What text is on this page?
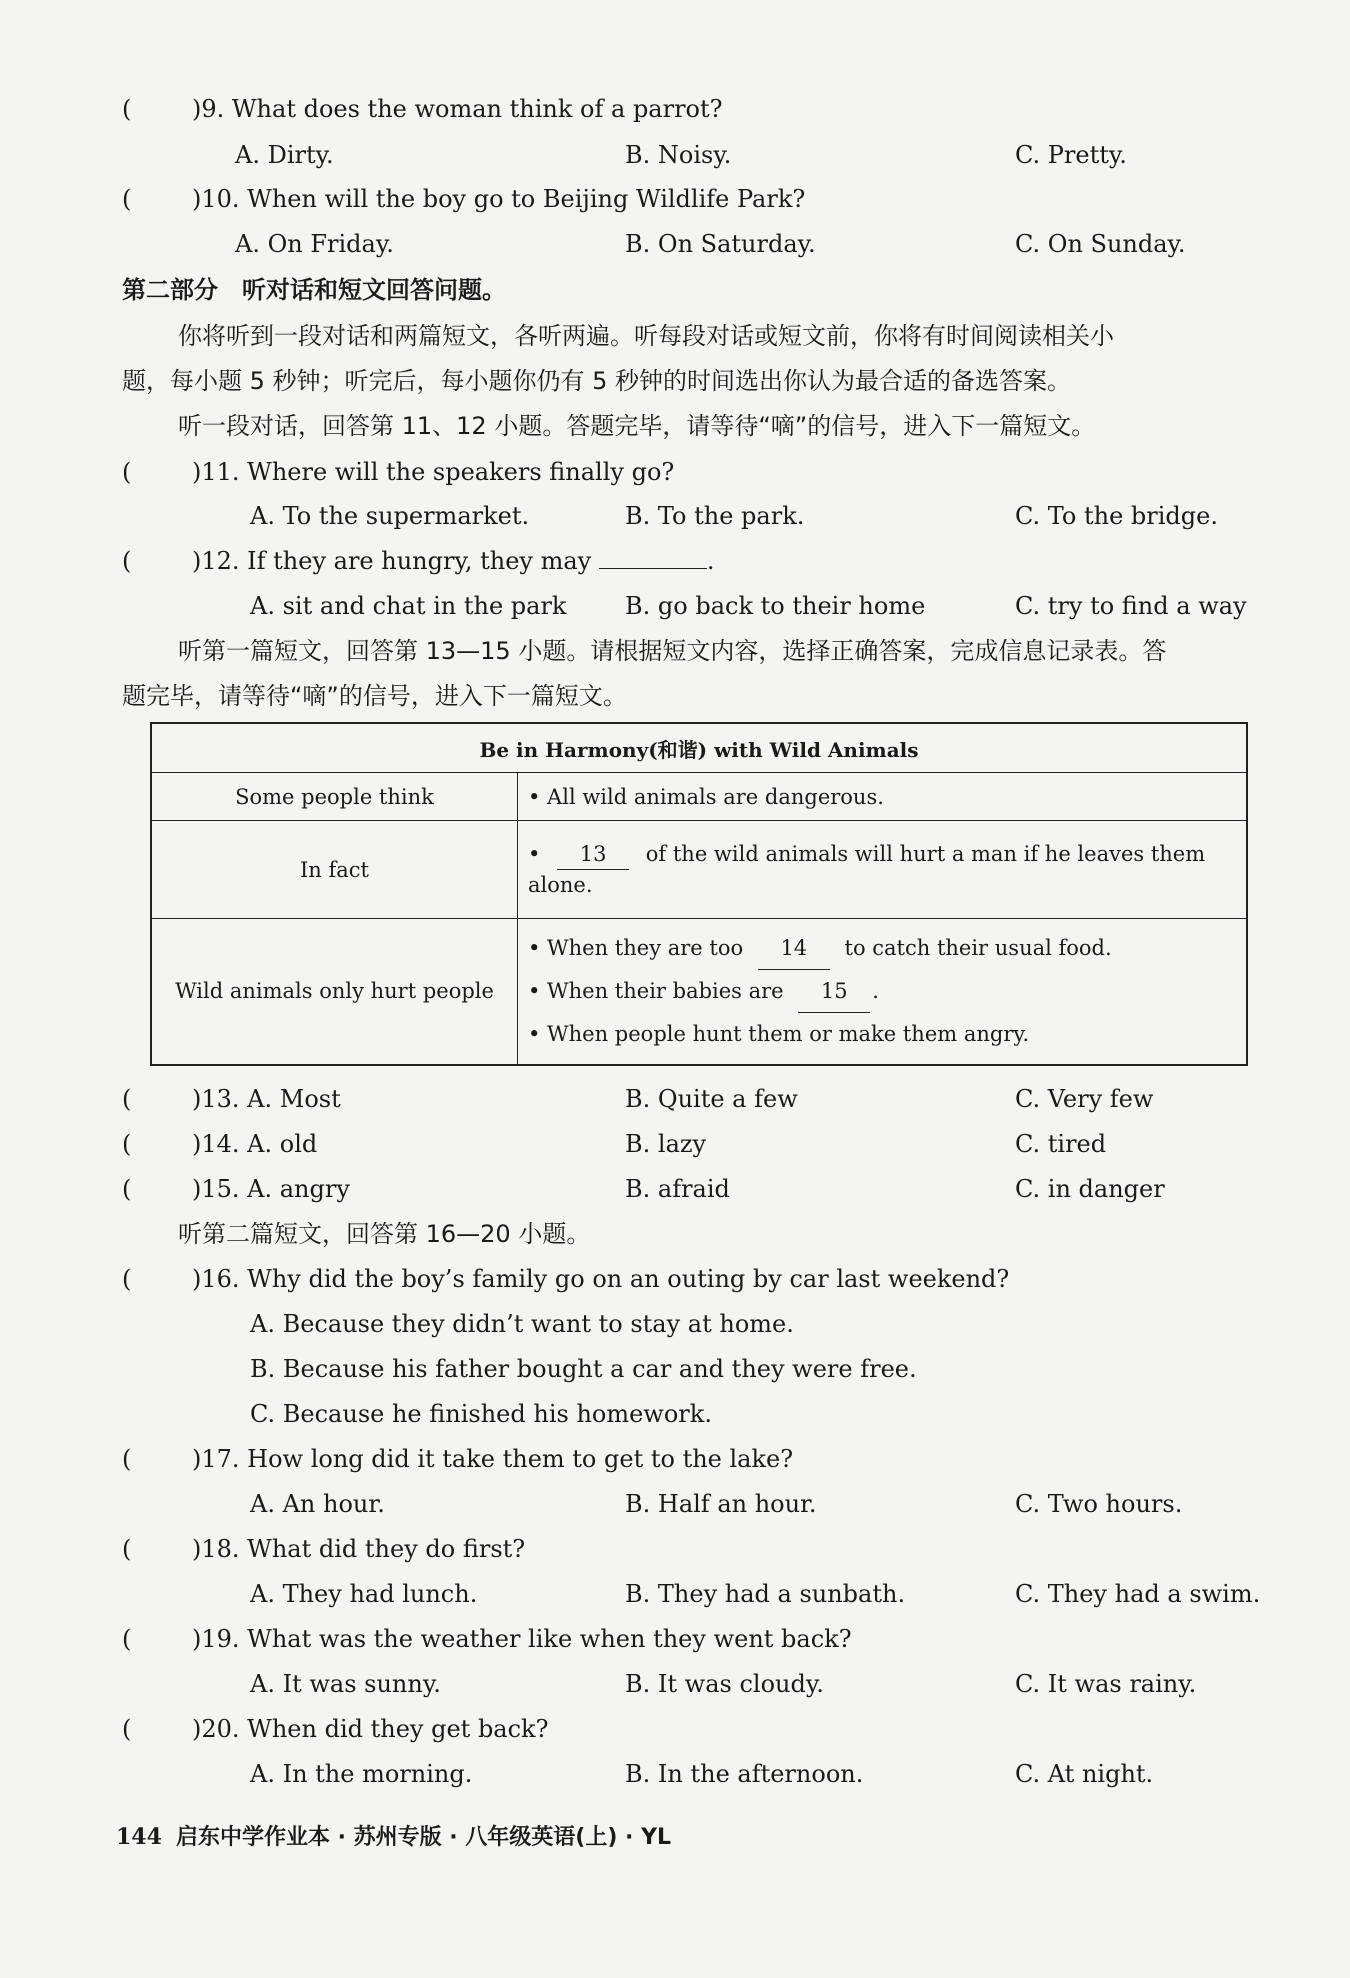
(	)9. What does the woman think of a parrot?
A. Dirty.	B. Noisy.	C. Pretty.
(	)10. When will the boy go to Beijing Wildlife Park?
A. On Friday.	B. On Saturday.	C. On Sunday.
第二部分　听对话和短文回答问题。
你将听到一段对话和两篇短文，各听两遍。听每段对话或短文前，你将有时间阅读相关小
题，每小题 5 秒钟；听完后，每小题你仍有 5 秒钟的时间选出你认为最合适的备选答案。
听一段对话，回答第 11、12 小题。答题完毕，请等待“嘀”的信号，进入下一篇短文。
(	)11. Where will the speakers finally go?
A. To the supermarket.	B. To the park.	C. To the bridge.
(	)12. If they are hungry, they may	.
A. sit and chat in the park B. go back to their home	C. try to find a way
听第一篇短文，回答第 13—15 小题。请根据短文内容，选择正确答案，完成信息记录表。答
题完毕，请等待“嘀”的信号，进入下一篇短文。
Be in Harmony(和谐) with Wild Animals	
Some people think	• All wild animals are dangerous.
In fact	• 13 of the wild animals will hurt a man if he leaves them
alone.

Wild animals only hurt people	• When they are too 14 to catch their usual food.
• When their babies are 15 .
• When people hunt them or make them angry.
(	)13. A. Most	B. Quite a few	C. Very few
(	)14. A. old	B. lazy	C. tired
(	)15. A. angry	B. afraid	C. in danger
听第二篇短文，回答第 16—20 小题。
(	)16. Why did the boy’s family go on an outing by car last weekend?
A. Because they didn’t want to stay at home.
B. Because his father bought a car and they were free.
C. Because he finished his homework.
(	)17. How long did it take them to get to the lake?
A. An hour.	B. Half an hour.	C. Two hours.
(	)18. What did they do first?
A. They had lunch.	B. They had a sunbath.	C. They had a swim.
(	)19. What was the weather like when they went back?
A. It was sunny.	B. It was cloudy.	C. It was rainy.
(	)20. When did they get back?
A. In the morning.	B. In the afternoon.	C. At night.
144 启东中学作业本 · 苏州专版 · 八年级英语(上) · YL
